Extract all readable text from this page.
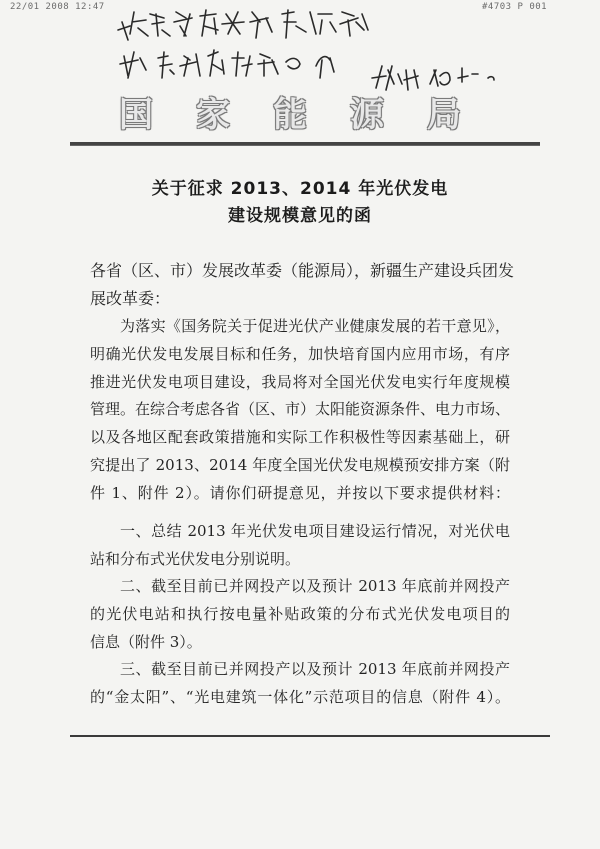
22/01 2008 12:47	#4703 P 001
国	家	能	源	局
关于征求 2013、2014 年光伏发电
建设规模意见的函
各省（区、市）发展改革委（能源局），新疆生产建设兵团发
展改革委：
为落实《国务院关于促进光伏产业健康发展的若干意见》，
明确光伏发电发展目标和任务，加快培育国内应用市场，有序
推进光伏发电项目建设，我局将对全国光伏发电实行年度规模
管理。在综合考虑各省（区、市）太阳能资源条件、电力市场、
以及各地区配套政策措施和实际工作积极性等因素基础上，研
究提出了 2013、2014 年度全国光伏发电规模预安排方案（附
件 1、附件 2）。请你们研提意见，并按以下要求提供材料：
一、总结 2013 年光伏发电项目建设运行情况，对光伏电
站和分布式光伏发电分别说明。
二、截至目前已并网投产以及预计 2013 年底前并网投产
的光伏电站和执行按电量补贴政策的分布式光伏发电项目的
信息（附件 3）。
三、截至目前已并网投产以及预计 2013 年底前并网投产
的“金太阳”、“光电建筑一体化”示范项目的信息（附件 4）。
